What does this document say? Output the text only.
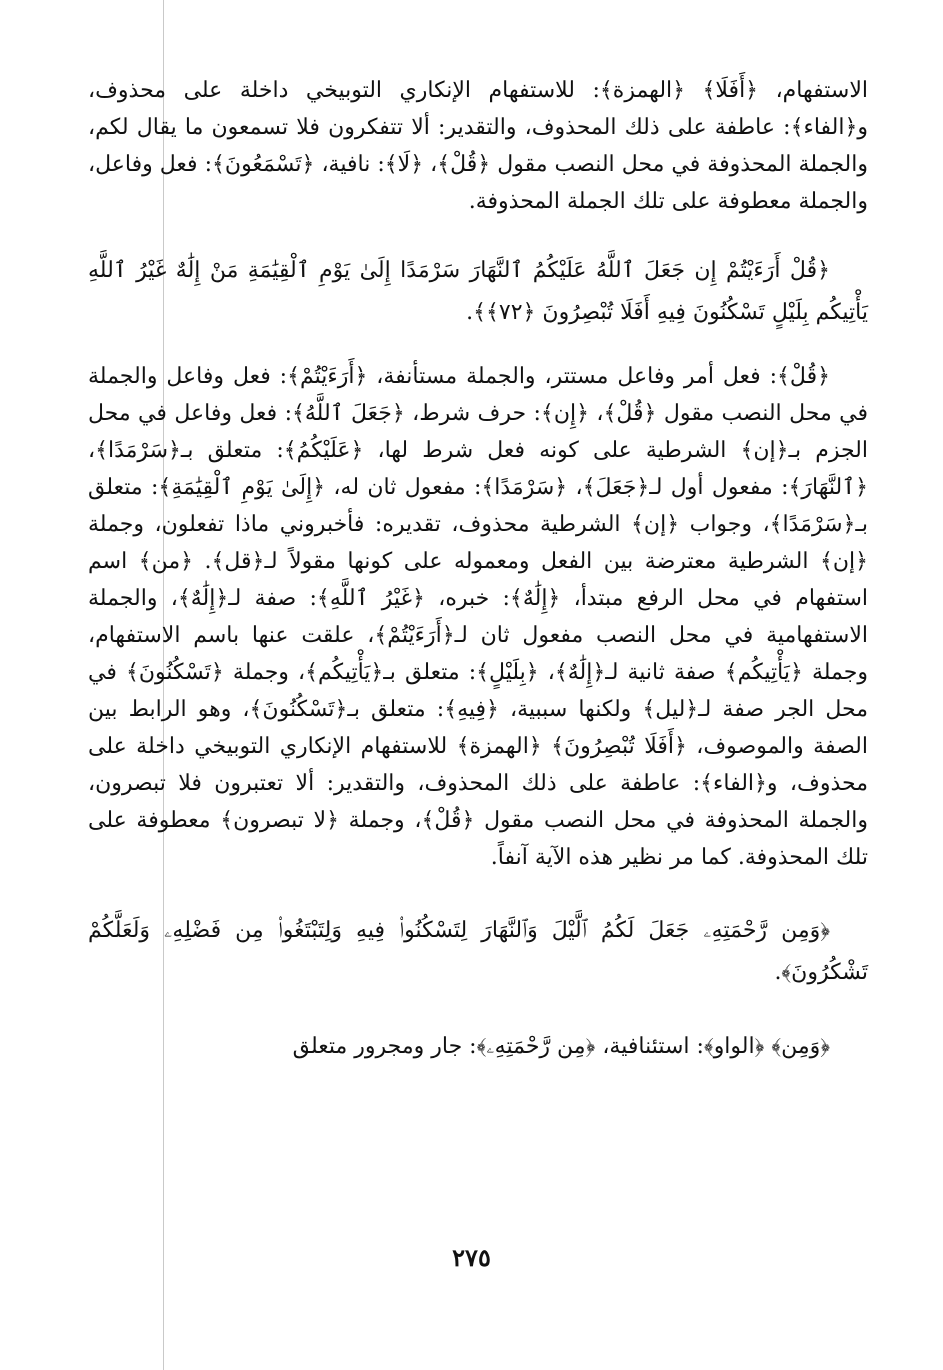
الاستفهام، ﴿أَفَلَا﴾ ﴿الهمزة﴾: للاستفهام الإنكاري التوبيخي داخلة على محذوف، و﴿الفاء﴾: عاطفة على ذلك المحذوف، والتقدير: ألا تتفكرون فلا تسمعون ما يقال لكم، والجملة المحذوفة في محل النصب مقول ﴿قُلْ﴾، ﴿لَا﴾: نافية، ﴿تَسْمَعُونَ﴾: فعل وفاعل، والجملة معطوفة على تلك الجملة المحذوفة.

﴿قُلْ أَرَءَيْتُمْ إِن جَعَلَ ٱللَّهُ عَلَيْكُمُ ٱلنَّهَارَ سَرْمَدًا إِلَىٰ يَوْمِ ٱلْقِيَٰمَةِ مَنْ إِلَٰهٌ غَيْرُ ٱللَّهِ يَأْتِيكُم بِلَيْلٍ تَسْكُنُونَ فِيهِ أَفَلَا تُبْصِرُونَ ﴿٧٢﴾﴾.

﴿قُلْ﴾: فعل أمر وفاعل مستتر، والجملة مستأنفة، ﴿أَرَءَيْتُمْ﴾: فعل وفاعل والجملة في محل النصب مقول ﴿قُلْ﴾، ﴿إِن﴾: حرف شرط، ﴿جَعَلَ ٱللَّهُ﴾: فعل وفاعل في محل الجزم بـ﴿إن﴾ الشرطية على كونه فعل شرط لها، ﴿عَلَيْكُمُ﴾: متعلق بـ﴿سَرْمَدًا﴾، ﴿ٱلنَّهَارَ﴾: مفعول أول لـ﴿جَعَلَ﴾، ﴿سَرْمَدًا﴾: مفعول ثان له، ﴿إِلَىٰ يَوْمِ ٱلْقِيَٰمَةِ﴾: متعلق بـ﴿سَرْمَدًا﴾، وجواب ﴿إن﴾ الشرطية محذوف، تقديره: فأخبروني ماذا تفعلون، وجملة ﴿إن﴾ الشرطية معترضة بين الفعل ومعموله على كونها مقولاً لـ﴿قل﴾. ﴿من﴾ اسم استفهام في محل الرفع مبتدأ، ﴿إِلَٰهٌ﴾: خبره، ﴿غَيْرُ ٱللَّهِ﴾: صفة لـ﴿إِلَٰهٌ﴾، والجملة الاستفهامية في محل النصب مفعول ثان لـ﴿أَرَءَيْتُمْ﴾، علقت عنها باسم الاستفهام، وجملة ﴿يَأْتِيكُم﴾ صفة ثانية لـ﴿إِلَٰهٌ﴾، ﴿بِلَيْلٍ﴾: متعلق بـ﴿يَأْتِيكُم﴾، وجملة ﴿تَسْكُنُونَ﴾ في محل الجر صفة لـ﴿ليل﴾ ولكنها سببية، ﴿فِيهِ﴾: متعلق بـ﴿تَسْكُنُونَ﴾، وهو الرابط بين الصفة والموصوف، ﴿أَفَلَا تُبْصِرُونَ﴾ ﴿الهمزة﴾ للاستفهام الإنكاري التوبيخي داخلة على محذوف، و﴿الفاء﴾: عاطفة على ذلك المحذوف، والتقدير: ألا تعتبرون فلا تبصرون، والجملة المحذوفة في محل النصب مقول ﴿قُلْ﴾، وجملة ﴿لا تبصرون﴾ معطوفة على تلك المحذوفة. كما مر نظير هذه الآية آنفاً.

﴿وَمِن رَّحْمَتِهِۦ جَعَلَ لَكُمُ ٱلَّيْلَ وَٱلنَّهَارَ لِتَسْكُنُوا۟ فِيهِ وَلِتَبْتَغُوا۟ مِن فَضْلِهِۦ وَلَعَلَّكُمْ تَشْكُرُونَ﴾.

﴿وَمِن﴾ ﴿الواو﴾: استئنافية، ﴿مِن رَّحْمَتِهِۦ﴾: جار ومجرور متعلق

٢٧٥
